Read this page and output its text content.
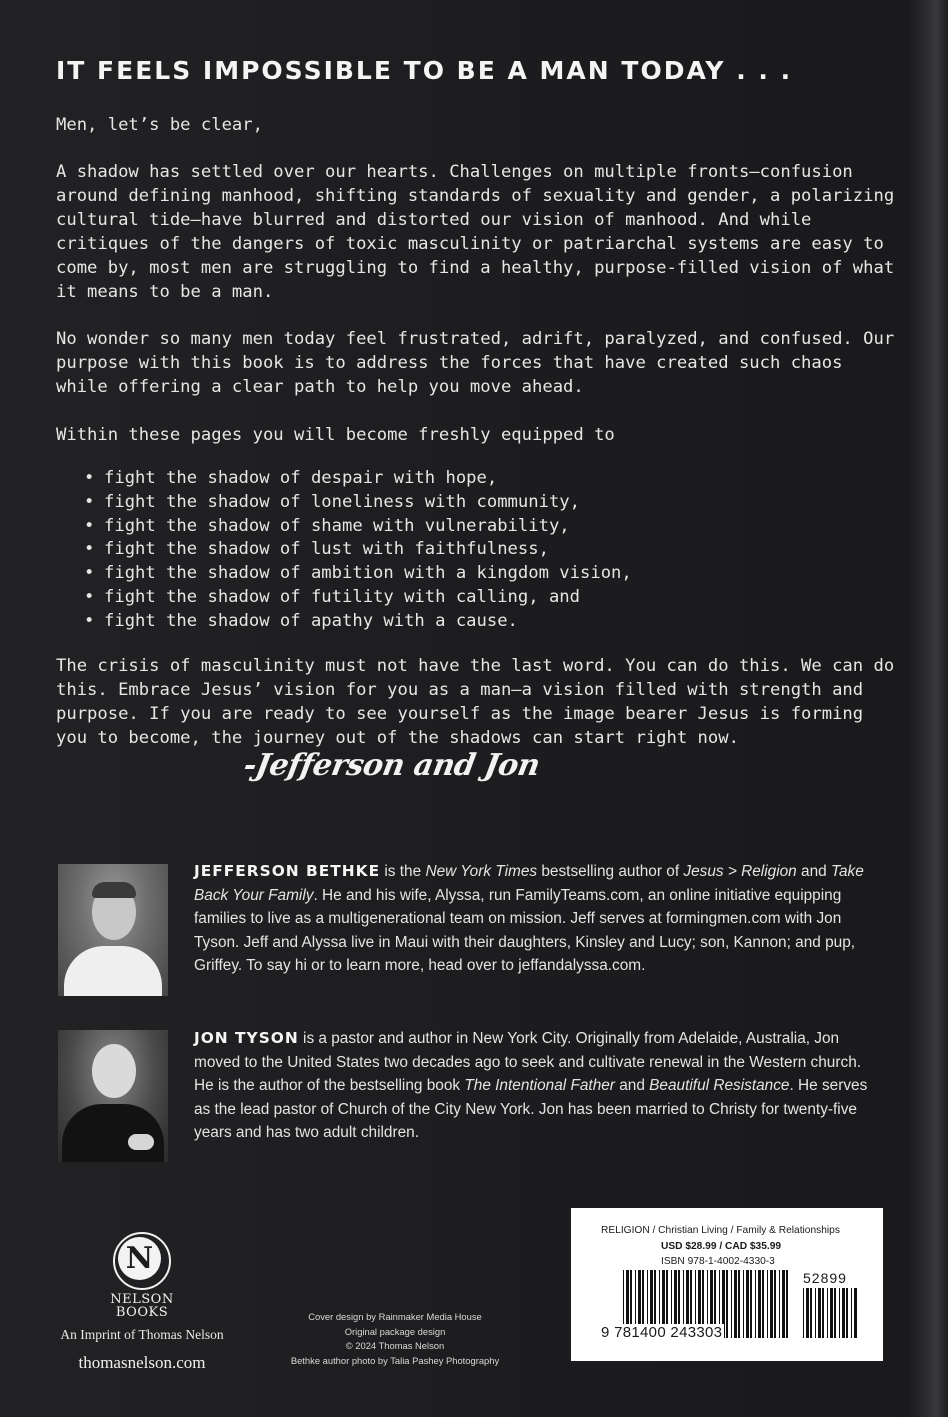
IT FEELS IMPOSSIBLE TO BE A MAN TODAY . . .
Men, let’s be clear,
A shadow has settled over our hearts. Challenges on multiple fronts—confusion around defining manhood, shifting standards of sexuality and gender, a polarizing cultural tide—have blurred and distorted our vision of manhood. And while critiques of the dangers of toxic masculinity or patriarchal systems are easy to come by, most men are struggling to find a healthy, purpose-filled vision of what it means to be a man.
No wonder so many men today feel frustrated, adrift, paralyzed, and confused. Our purpose with this book is to address the forces that have created such chaos while offering a clear path to help you move ahead.
Within these pages you will become freshly equipped to
• fight the shadow of despair with hope,
• fight the shadow of loneliness with community,
• fight the shadow of shame with vulnerability,
• fight the shadow of lust with faithfulness,
• fight the shadow of ambition with a kingdom vision,
• fight the shadow of futility with calling, and
• fight the shadow of apathy with a cause.
The crisis of masculinity must not have the last word. You can do this. We can do this. Embrace Jesus’ vision for you as a man—a vision filled with strength and purpose. If you are ready to see yourself as the image bearer Jesus is forming you to become, the journey out of the shadows can start right now.
-Jefferson and Jon
JEFFERSON BETHKE is the New York Times bestselling author of Jesus > Religion and Take Back Your Family. He and his wife, Alyssa, run FamilyTeams.com, an online initiative equipping families to live as a multigenerational team on mission. Jeff serves at formingmen.com with Jon Tyson. Jeff and Alyssa live in Maui with their daughters, Kinsley and Lucy; son, Kannon; and pup, Griffey. To say hi or to learn more, head over to jeffandalyssa.com.
JON TYSON is a pastor and author in New York City. Originally from Adelaide, Australia, Jon moved to the United States two decades ago to seek and cultivate renewal in the Western church. He is the author of the bestselling book The Intentional Father and Beautiful Resistance. He serves as the lead pastor of Church of the City New York. Jon has been married to Christy for twenty-five years and has two adult children.
N
NELSON
BOOKS
An Imprint of Thomas Nelson
thomasnelson.com
Cover design by Rainmaker Media House
Original package design
© 2024 Thomas Nelson
Bethke author photo by Talia Pashey Photography
RELIGION / Christian Living / Family & Relationships
USD $28.99 / CAD $35.99
ISBN 978-1-4002-4330-3
52899
9 781400 243303
